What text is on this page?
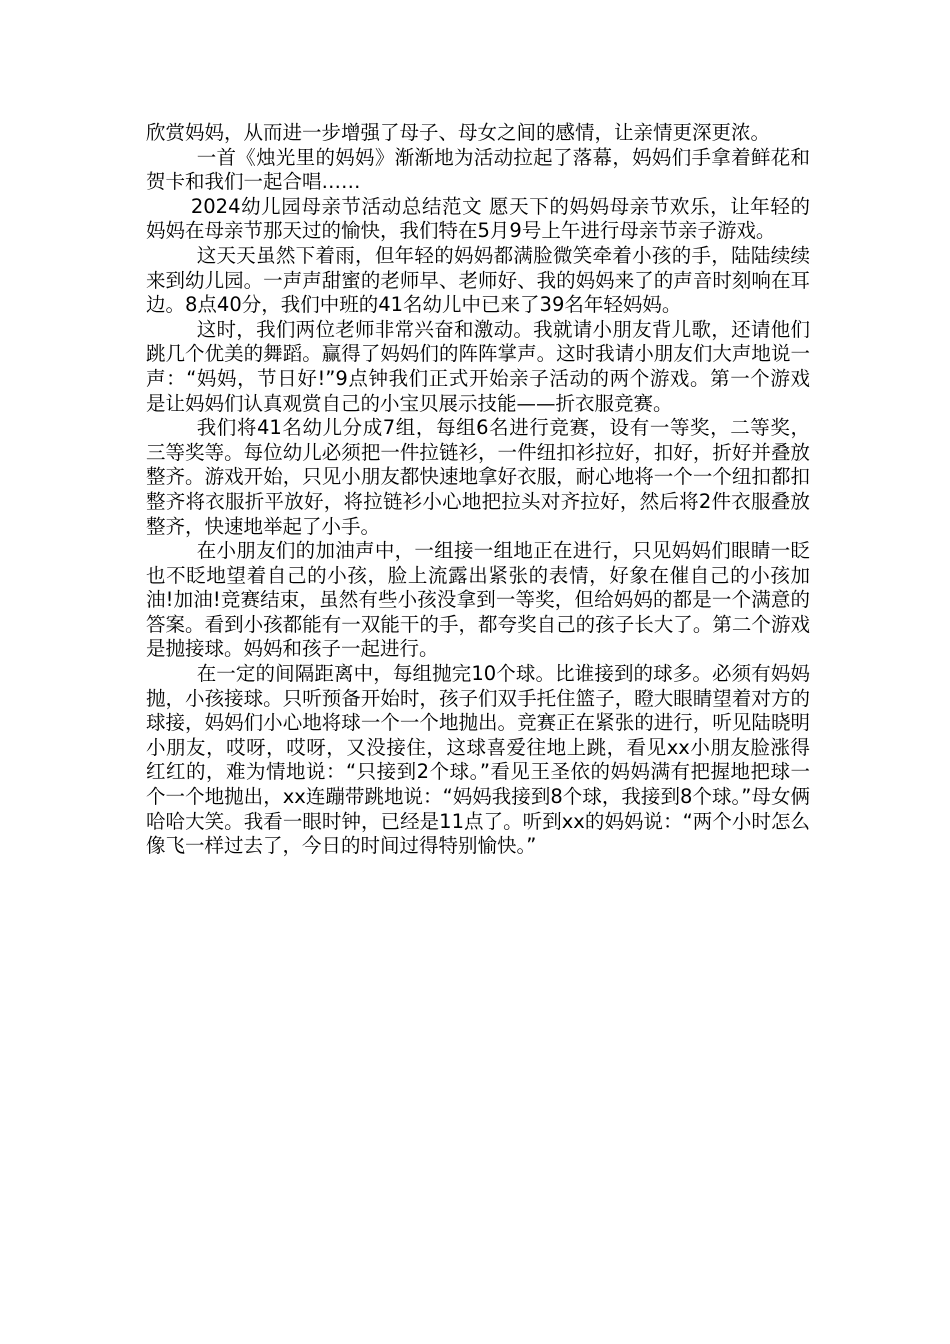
欣赏妈妈，从而进一步增强了母子、母女之间的感情，让亲情更深更浓。

一首《烛光里的妈妈》渐渐地为活动拉起了落幕，妈妈们手拿着鲜花和贺卡和我们一起合唱……

2024幼儿园母亲节活动总结范文 愿天下的妈妈母亲节欢乐，让年轻的妈妈在母亲节那天过的愉快，我们特在5月9号上午进行母亲节亲子游戏。

这天天虽然下着雨，但年轻的妈妈都满脸微笑牵着小孩的手，陆陆续续来到幼儿园。一声声甜蜜的老师早、老师好、我的妈妈来了的声音时刻响在耳边。8点40分，我们中班的41名幼儿中已来了39名年轻妈妈。

这时，我们两位老师非常兴奋和激动。我就请小朋友背儿歌，还请他们跳几个优美的舞蹈。赢得了妈妈们的阵阵掌声。这时我请小朋友们大声地说一声：“妈妈，节日好!”9点钟我们正式开始亲子活动的两个游戏。第一个游戏是让妈妈们认真观赏自己的小宝贝展示技能——折衣服竞赛。

我们将41名幼儿分成7组，每组6名进行竞赛，设有一等奖，二等奖，三等奖等。每位幼儿必须把一件拉链衫，一件纽扣衫拉好，扣好，折好并叠放整齐。游戏开始，只见小朋友都快速地拿好衣服，耐心地将一个一个纽扣都扣整齐将衣服折平放好，将拉链衫小心地把拉头对齐拉好，然后将2件衣服叠放整齐，快速地举起了小手。

在小朋友们的加油声中，一组接一组地正在进行，只见妈妈们眼睛一眨也不眨地望着自己的小孩，脸上流露出紧张的表情，好象在催自己的小孩加油!加油!竞赛结束，虽然有些小孩没拿到一等奖，但给妈妈的都是一个满意的答案。看到小孩都能有一双能干的手，都夸奖自己的孩子长大了。第二个游戏是抛接球。妈妈和孩子一起进行。

在一定的间隔距离中，每组抛完10个球。比谁接到的球多。必须有妈妈抛，小孩接球。只听预备开始时，孩子们双手托住篮子，瞪大眼睛望着对方的球接，妈妈们小心地将球一个一个地抛出。竞赛正在紧张的进行，听见陆晓明小朋友，哎呀，哎呀，又没接住，这球喜爱往地上跳，看见xx小朋友脸涨得红红的，难为情地说：“只接到2个球。”看见王圣依的妈妈满有把握地把球一个一个地抛出，xx连蹦带跳地说：“妈妈我接到8个球，我接到8个球。”母女俩哈哈大笑。我看一眼时钟，已经是11点了。听到xx的妈妈说：“两个小时怎么像飞一样过去了，今日的时间过得特别愉快。”
